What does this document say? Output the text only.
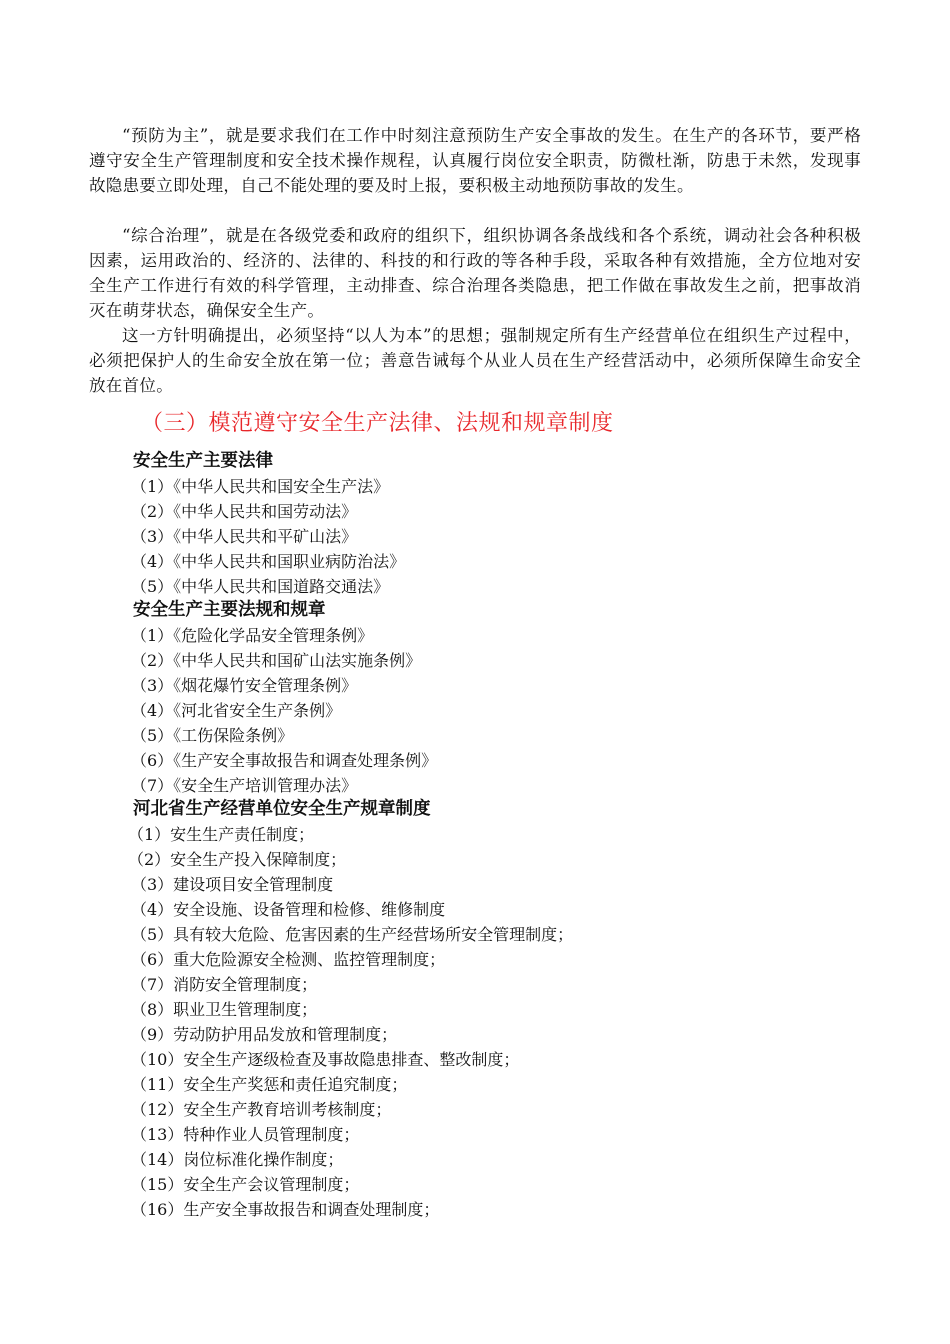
“预防为主”，就是要求我们在工作中时刻注意预防生产安全事故的发生。在生产的各环节，要严格遵守安全生产管理制度和安全技术操作规程，认真履行岗位安全职责，防微杜渐，防患于未然，发现事故隐患要立即处理，自己不能处理的要及时上报，要积极主动地预防事故的发生。

“综合治理”，就是在各级党委和政府的组织下，组织协调各条战线和各个系统，调动社会各种积极因素，运用政治的、经济的、法律的、科技的和行政的等各种手段，采取各种有效措施，全方位地对安全生产工作进行有效的科学管理，主动排查、综合治理各类隐患，把工作做在事故发生之前，把事故消灭在萌芽状态，确保安全生产。

这一方针明确提出，必须坚持“以人为本”的思想；强制规定所有生产经营单位在组织生产过程中，必须把保护人的生命安全放在第一位；善意告诫每个从业人员在生产经营活动中，必须所保障生命安全放在首位。

（三）模范遵守安全生产法律、法规和规章制度
安全生产主要法律
（1）《中华人民共和国安全生产法》
（2）《中华人民共和国劳动法》
（3）《中华人民共和平矿山法》
（4）《中华人民共和国职业病防治法》
（5）《中华人民共和国道路交通法》
安全生产主要法规和规章
（1）《危险化学品安全管理条例》
（2）《中华人民共和国矿山法实施条例》
（3）《烟花爆竹安全管理条例》
（4）《河北省安全生产条例》
（5）《工伤保险条例》
（6）《生产安全事故报告和调查处理条例》
（7）《安全生产培训管理办法》
河北省生产经营单位安全生产规章制度
（1）安生生产责任制度；
（2）安全生产投入保障制度；
（3）建设项目安全管理制度
（4）安全设施、设备管理和检修、维修制度
（5）具有较大危险、危害因素的生产经营场所安全管理制度；
（6）重大危险源安全检测、监控管理制度；
（7）消防安全管理制度；
（8）职业卫生管理制度；
（9）劳动防护用品发放和管理制度；
（10）安全生产逐级检查及事故隐患排查、整改制度；
（11）安全生产奖惩和责任追究制度；
（12）安全生产教育培训考核制度；
（13）特种作业人员管理制度；
（14）岗位标准化操作制度；
（15）安全生产会议管理制度；
（16）生产安全事故报告和调查处理制度；
